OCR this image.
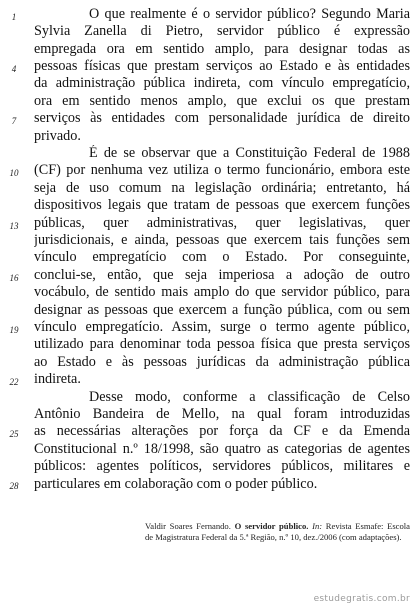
1
4
7
10
13
16
19
22
25
28
O que realmente é o servidor público? Segundo Maria
Sylvia Zanella di Pietro, servidor público é expressão
empregada ora em sentido amplo, para designar todas as
pessoas físicas que prestam serviços ao Estado e às entidades
da administração pública indireta, com vínculo empregatício,
ora em sentido menos amplo, que exclui os que prestam
serviços às entidades com personalidade jurídica de direito
privado.
É de se observar que a Constituição Federal de 1988
(CF) por nenhuma vez utiliza o termo funcionário, embora este
seja de uso comum na legislação ordinária; entretanto, há
dispositivos legais que tratam de pessoas que exercem funções
públicas, quer administrativas, quer legislativas, quer
jurisdicionais, e ainda, pessoas que exercem tais funções sem
vínculo empregatício com o Estado. Por conseguinte,
conclui-se, então, que seja imperiosa a adoção de outro
vocábulo, de sentido mais amplo do que servidor público, para
designar as pessoas que exercem a função pública, com ou sem
vínculo empregatício. Assim, surge o termo agente público,
utilizado para denominar toda pessoa física que presta serviços
ao Estado e às pessoas jurídicas da administração pública
indireta.
Desse modo, conforme a classificação de Celso
Antônio Bandeira de Mello, na qual foram introduzidas
as necessárias alterações por força da CF e da Emenda
Constitucional n.º 18/1998, são quatro as categorias de agentes
públicos: agentes políticos, servidores públicos, militares e
particulares em colaboração com o poder público.
Valdir Soares Fernando. O servidor público. In: Revista Esmafe: Escola
de Magistratura Federal da 5.ª Região, n.º 10, dez./2006 (com adaptações).
estudegratis.com.br
